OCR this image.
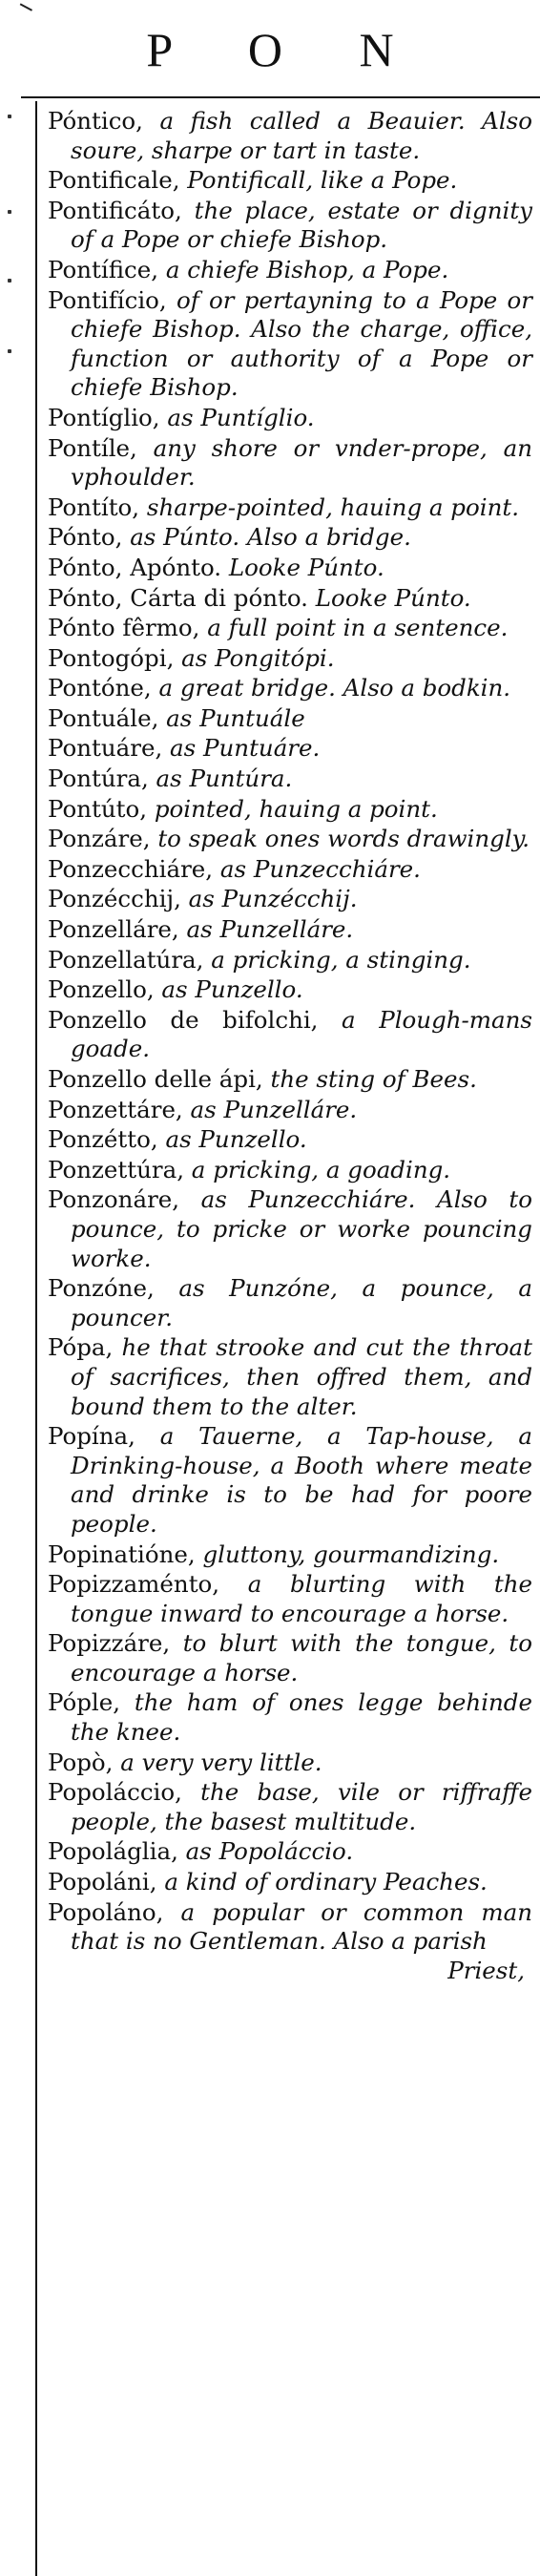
P O N
Póntico, a fish called a Beauier. Also soure, sharpe or tart in taste.
Pontificale, Pontificall, like a Pope.
Pontificáto, the place, estate or dignity of a Pope or chiefe Bishop.
Pontífice, a chiefe Bishop, a Pope.
Pontifício, of or pertayning to a Pope or chiefe Bishop. Also the charge, office, function or authority of a Pope or chiefe Bishop.
Pontíglio, as Puntíglio.
Pontíle, any shore or vnder-prope, an vphoulder.
Pontíto, sharpe-pointed, hauing a point.
Pónto, as Púnto. Also a bridge.
Pónto, Apónto. Looke Púnto.
Pónto, Cárta di pónto. Looke Púnto.
Pónto fêrmo, a full point in a sentence.
Pontogópi, as Pongitópi.
Pontóne, a great bridge. Also a bodkin.
Pontuále, as Puntuále
Pontuáre, as Puntuáre.
Pontúra, as Puntúra.
Pontúto, pointed, hauing a point.
Ponzáre, to speak ones words drawingly.
Ponzecchiáre, as Punzecchiáre.
Ponzécchij, as Punzécchij.
Ponzelláre, as Punzelláre.
Ponzellatúra, a pricking, a stinging.
Ponzello, as Punzello.
Ponzello de bifolchi, a Plough-mans goade.
Ponzello delle ápi, the sting of Bees.
Ponzettáre, as Punzelláre.
Ponzétto, as Punzello.
Ponzettúra, a pricking, a goading.
Ponzonáre, as Punzecchiáre. Also to pounce, to pricke or worke pouncing worke.
Ponzóne, as Punzóne, a pounce, a pouncer.
Pópa, he that strooke and cut the throat of sacrifices, then offred them, and bound them to the alter.
Popína, a Tauerne, a Tap-house, a Drinking-house, a Booth where meate and drinke is to be had for poore people.
Popinatióne, gluttony, gourmandizing.
Popizzaménto, a blurting with the tongue inward to encourage a horse.
Popizzáre, to blurt with the tongue, to encourage a horse.
Póple, the ham of ones legge behinde the knee.
Popò, a very very little.
Popoláccio, the base, vile or riffraffe people, the basest multitude.
Popoláglia, as Popoláccio.
Popoláni, a kind of ordinary Peaches.
Popoláno, a popular or common man that is no Gentleman. Also a parish
Priest,
